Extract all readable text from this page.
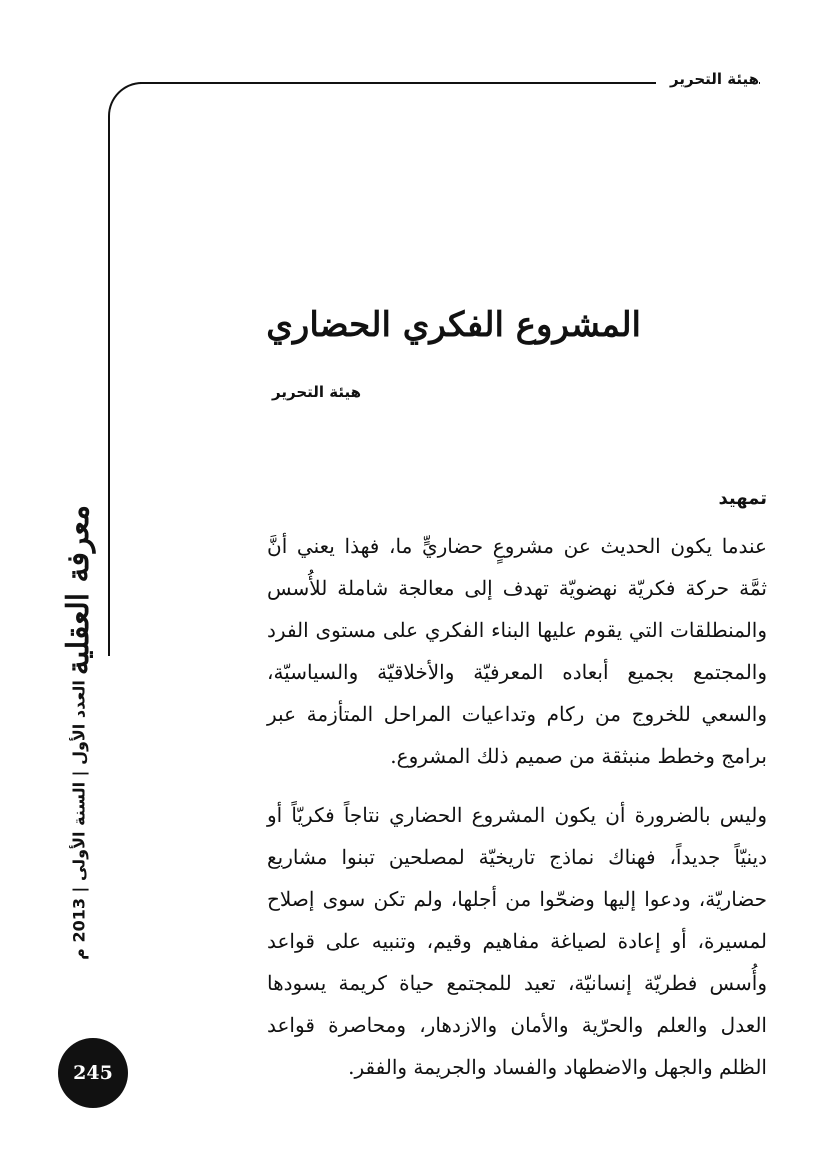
هيئة التحرير
المشروع الفكري الحضاري
هيئة التحرير
تمهيد

عندما يكون الحديث عن مشروعٍ حضاريٍّ ما، فهذا يعني أنَّ ثمَّة حركة فكريّة نهضويّة تهدف إلى معالجة شاملة للأُسس والمنطلقات التي يقوم عليها البناء الفكري على مستوى الفرد والمجتمع بجميع أبعاده المعرفيّة والأخلاقيّة والسياسيّة، والسعي للخروج من ركام وتداعيات المراحل المتأزمة عبر برامج وخطط منبثقة من صميم ذلك المشروع.

وليس بالضرورة أن يكون المشروع الحضاري نتاجاً فكريّاً أو دينيّاً جديداً، فهناك نماذج تاريخيّة لمصلحين تبنوا مشاريع حضاريّة، ودعوا إليها وضحّوا من أجلها، ولم تكن سوى إصلاح لمسيرة، أو إعادة لصياغة مفاهيم وقيم، وتنبيه على قواعد وأُسس فطريّة إنسانيّة، تعيد للمجتمع حياة كريمة يسودها العدل والعلم والحرّية والأمان والازدهار، ومحاصرة قواعد الظلم والجهل والاضطهاد والفساد والجريمة والفقر.

معرفة العقلية
العدد الأول | السنة الأولى | 2013 م
245
